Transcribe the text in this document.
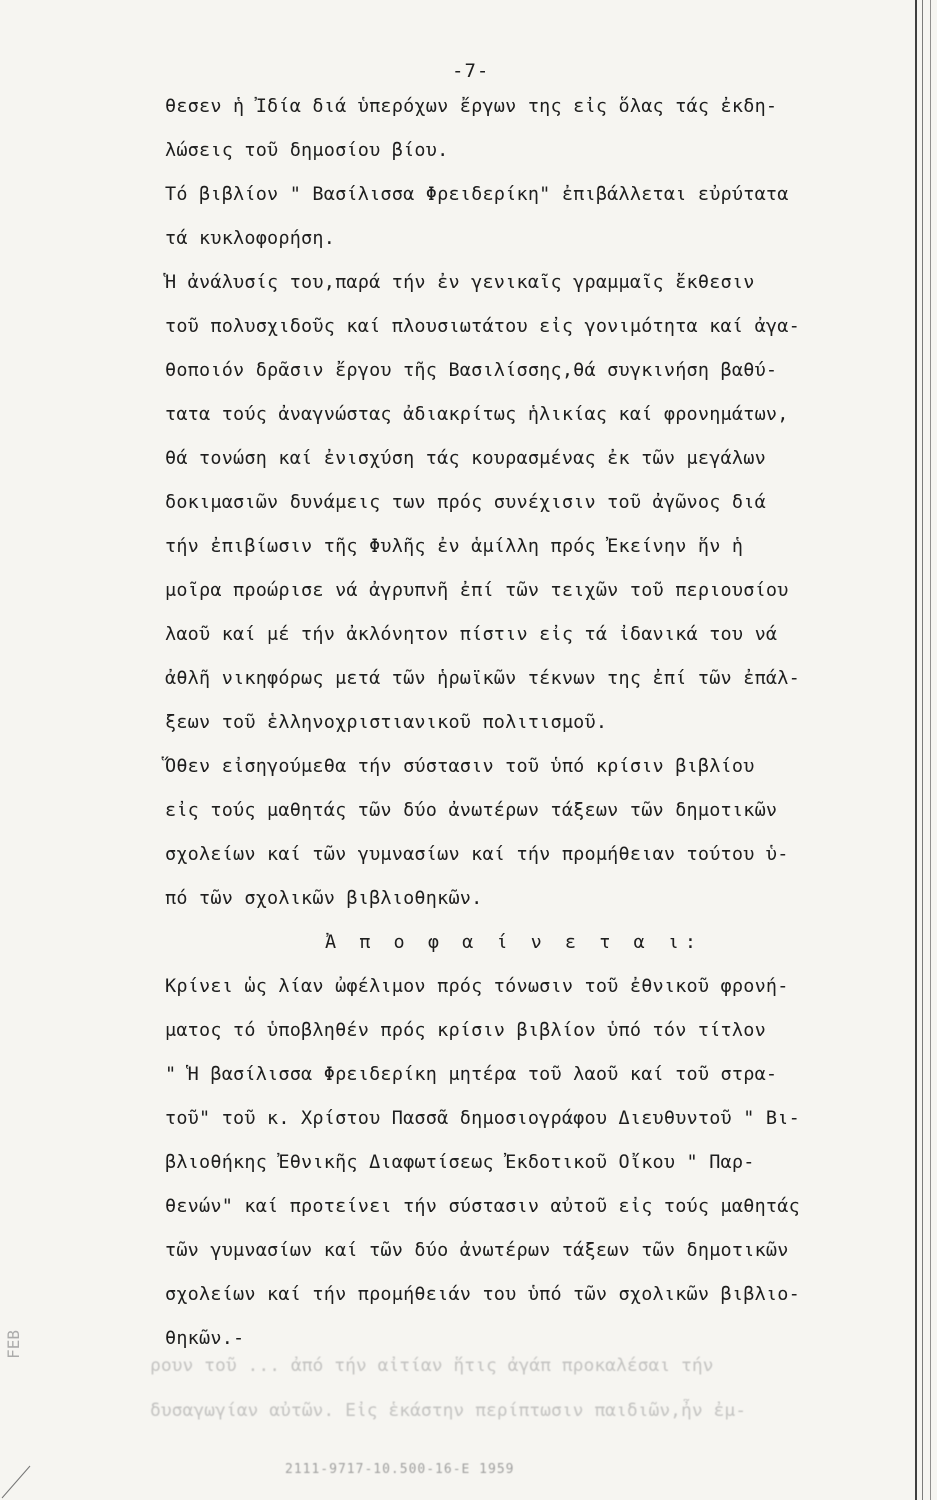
-7-
θεσεν ἡ Ἰδία διά ὑπερόχων ἔργων της εἰς ὅλας τάς ἐκδη-
λώσεις τοῦ δημοσίου βίου.
Τό βιβλίον " Βασίλισσα Φρειδερίκη" ἐπιβάλλεται εὐρύτατα
τά κυκλοφορήση.
Ἡ ἀνάλυσίς του,παρά τήν ἐν γενικαῖς γραμμαῖς ἔκθεσιν
τοῦ πολυσχιδοῦς καί πλουσιωτάτου εἰς γονιμότητα καί ἀγα-
θοποιόν δρᾶσιν ἔργου τῆς Βασιλίσσης,θά συγκινήση βαθύ-
τατα τούς ἀναγνώστας ἀδιακρίτως ἡλικίας καί φρονημάτων,
θά τονώση καί ἐνισχύση τάς κουρασμένας ἐκ τῶν μεγάλων
δοκιμασιῶν δυνάμεις των πρός συνέχισιν τοῦ ἀγῶνος διά
τήν ἐπιβίωσιν τῆς Φυλῆς ἐν ἁμίλλη πρός Ἐκείνην ἥν ἡ
μοῖρα προώρισε νά ἀγρυπνῆ ἐπί τῶν τειχῶν τοῦ περιουσίου
λαοῦ καί μέ τήν ἀκλόνητον πίστιν εἰς τά ἰδανικά του νά
ἀθλῆ νικηφόρως μετά τῶν ἡρωϊκῶν τέκνων της ἐπί τῶν ἐπάλ-
ξεων τοῦ ἑλληνοχριστιανικοῦ πολιτισμοῦ.
Ὅθεν εἰσηγούμεθα τήν σύστασιν τοῦ ὑπό κρίσιν βιβλίου
εἰς τούς μαθητάς τῶν δύο ἀνωτέρων τάξεων τῶν δημοτικῶν
σχολείων καί τῶν γυμνασίων καί τήν προμήθειαν τούτου ὑ-
πό τῶν σχολικῶν βιβλιοθηκῶν.
Ἀ π ο φ α ί ν ε τ α ι:
Κρίνει ὡς λίαν ὠφέλιμον πρός τόνωσιν τοῦ ἐθνικοῦ φρονή-
ματος τό ὑποβληθέν πρός κρίσιν βιβλίον ὑπό τόν τίτλον
" Ἡ βασίλισσα Φρειδερίκη μητέρα τοῦ λαοῦ καί τοῦ στρα-
τοῦ" τοῦ κ. Χρίστου Πασσᾶ δημοσιογράφου Διευθυντοῦ " Βι-
βλιοθήκης Ἐθνικῆς Διαφωτίσεως Ἐκδοτικοῦ Οἴκου " Παρ-
θενών" καί προτείνει τήν σύστασιν αὐτοῦ εἰς τούς μαθητάς
τῶν γυμνασίων καί τῶν δύο ἀνωτέρων τάξεων τῶν δημοτικῶν
σχολείων καί τήν προμήθειάν του ὑπό τῶν σχολικῶν βιβλιο-
θηκῶν.-
ρουν τοῦ ... ἀπό τήν αἰτίαν ἥτις ἀγάπ προκαλέσαι τήν
δυσαγωγίαν αὐτῶν. Εἰς ἑκάστην περίπτωσιν παιδιῶν,ἦν ἐμ-
2111-9717-10.500-16-Ε 1959
FEB
